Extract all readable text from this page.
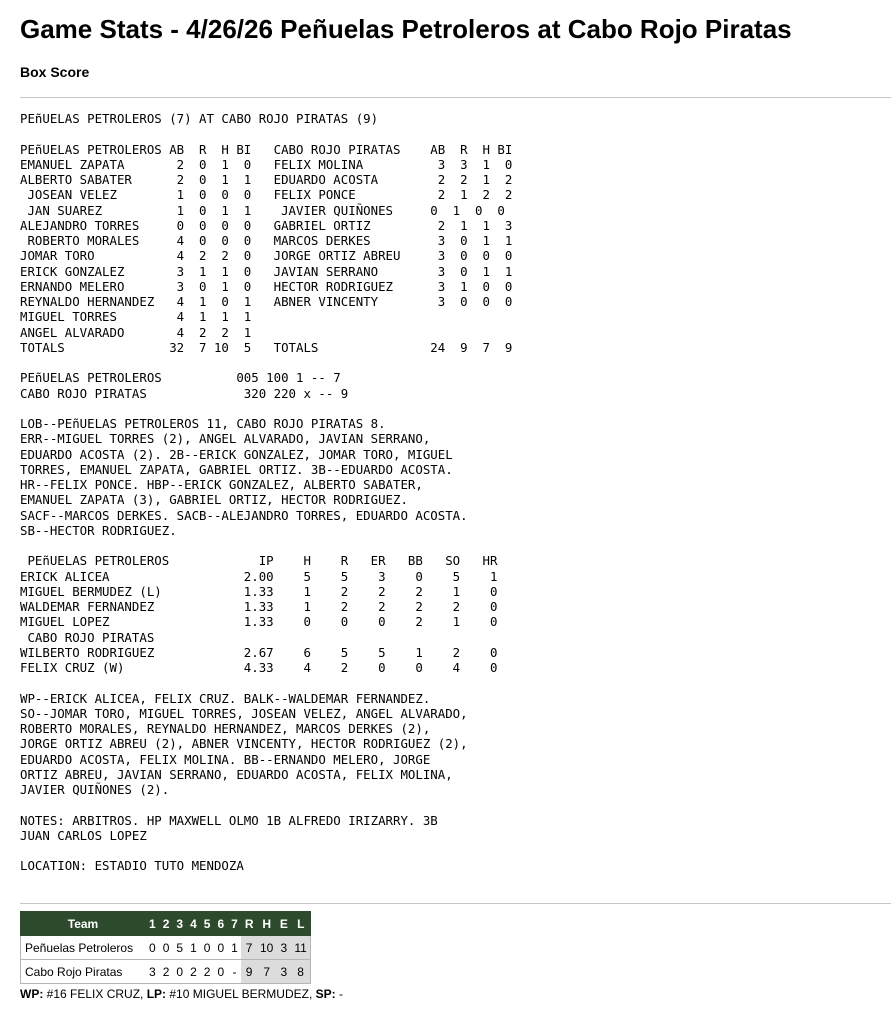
Game Stats - 4/26/26 Peñuelas Petroleros at Cabo Rojo Piratas
Box Score
PEñUELAS PETROLEROS (7) AT CABO ROJO PIRATAS (9)

PEñUELAS PETROLEROS AB  R  H BI   CABO ROJO PIRATAS    AB  R  H BI
EMANUEL ZAPATA       2  0  1  0   FELIX MOLINA          3  3  1  0
ALBERTO SABATER      2  0  1  1   EDUARDO ACOSTA        2  2  1  2
JOSEAN VELEZ        1  0  0  0   FELIX PONCE           2  1  2  2
JAN SUAREZ          1  0  1  1    JAVIER QUIÑONES     0  1  0  0
ALEJANDRO TORRES     0  0  0  0   GABRIEL ORTIZ         2  1  1  3
ROBERTO MORALES     4  0  0  0   MARCOS DERKES         3  0  1  1
JOMAR TORO           4  2  2  0   JORGE ORTIZ ABREU     3  0  0  0
ERICK GONZALEZ       3  1  1  0   JAVIAN SERRANO        3  0  1  1
ERNANDO MELERO       3  0  1  0   HECTOR RODRIGUEZ      3  1  0  0
REYNALDO HERNANDEZ   4  1  0  1   ABNER VINCENTY        3  0  0  0
MIGUEL TORRES        4  1  1  1
ANGEL ALVARADO       4  2  2  1
TOTALS              32  7 10  5   TOTALS               24  9  7  9

PEñUELAS PETROLEROS          005 100 1 -- 7
CABO ROJO PIRATAS             320 220 x -- 9

LOB--PEñUELAS PETROLEROS 11, CABO ROJO PIRATAS 8.
ERR--MIGUEL TORRES (2), ANGEL ALVARADO, JAVIAN SERRANO,
EDUARDO ACOSTA (2). 2B--ERICK GONZALEZ, JOMAR TORO, MIGUEL
TORRES, EMANUEL ZAPATA, GABRIEL ORTIZ. 3B--EDUARDO ACOSTA.
HR--FELIX PONCE. HBP--ERICK GONZALEZ, ALBERTO SABATER,
EMANUEL ZAPATA (3), GABRIEL ORTIZ, HECTOR RODRIGUEZ.
SACF--MARCOS DERKES. SACB--ALEJANDRO TORRES, EDUARDO ACOSTA.
SB--HECTOR RODRIGUEZ.

PEñUELAS PETROLEROS            IP    H    R   ER   BB   SO   HR
ERICK ALICEA                  2.00    5    5    3    0    5    1
MIGUEL BERMUDEZ (L)           1.33    1    2    2    2    1    0
WALDEMAR FERNANDEZ            1.33    1    2    2    2    2    0
MIGUEL LOPEZ                  1.33    0    0    0    2    1    0
CABO ROJO PIRATAS
WILBERTO RODRIGUEZ            2.67    6    5    5    1    2    0
FELIX CRUZ (W)                4.33    4    2    0    0    4    0

WP--ERICK ALICEA, FELIX CRUZ. BALK--WALDEMAR FERNANDEZ.
SO--JOMAR TORO, MIGUEL TORRES, JOSEAN VELEZ, ANGEL ALVARADO,
ROBERTO MORALES, REYNALDO HERNANDEZ, MARCOS DERKES (2),
JORGE ORTIZ ABREU (2), ABNER VINCENTY, HECTOR RODRIGUEZ (2),
EDUARDO ACOSTA, FELIX MOLINA. BB--ERNANDO MELERO, JORGE
ORTIZ ABREU, JAVIAN SERRANO, EDUARDO ACOSTA, FELIX MOLINA,
JAVIER QUIÑONES (2).

NOTES: ARBITROS. HP MAXWELL OLMO 1B ALFREDO IRIZARRY. 3B
JUAN CARLOS LOPEZ

LOCATION: ESTADIO TUTO MENDOZA
Team	1	2	3	4	5	6	7	R	H	E	L
Peñuelas Petroleros	0	0	5	1	0	0	1	7	10	3	11
Cabo Rojo Piratas	3	2	0	2	2	0	-	9	7	3	8
WP: #16 FELIX CRUZ, LP: #10 MIGUEL BERMUDEZ, SP: -
